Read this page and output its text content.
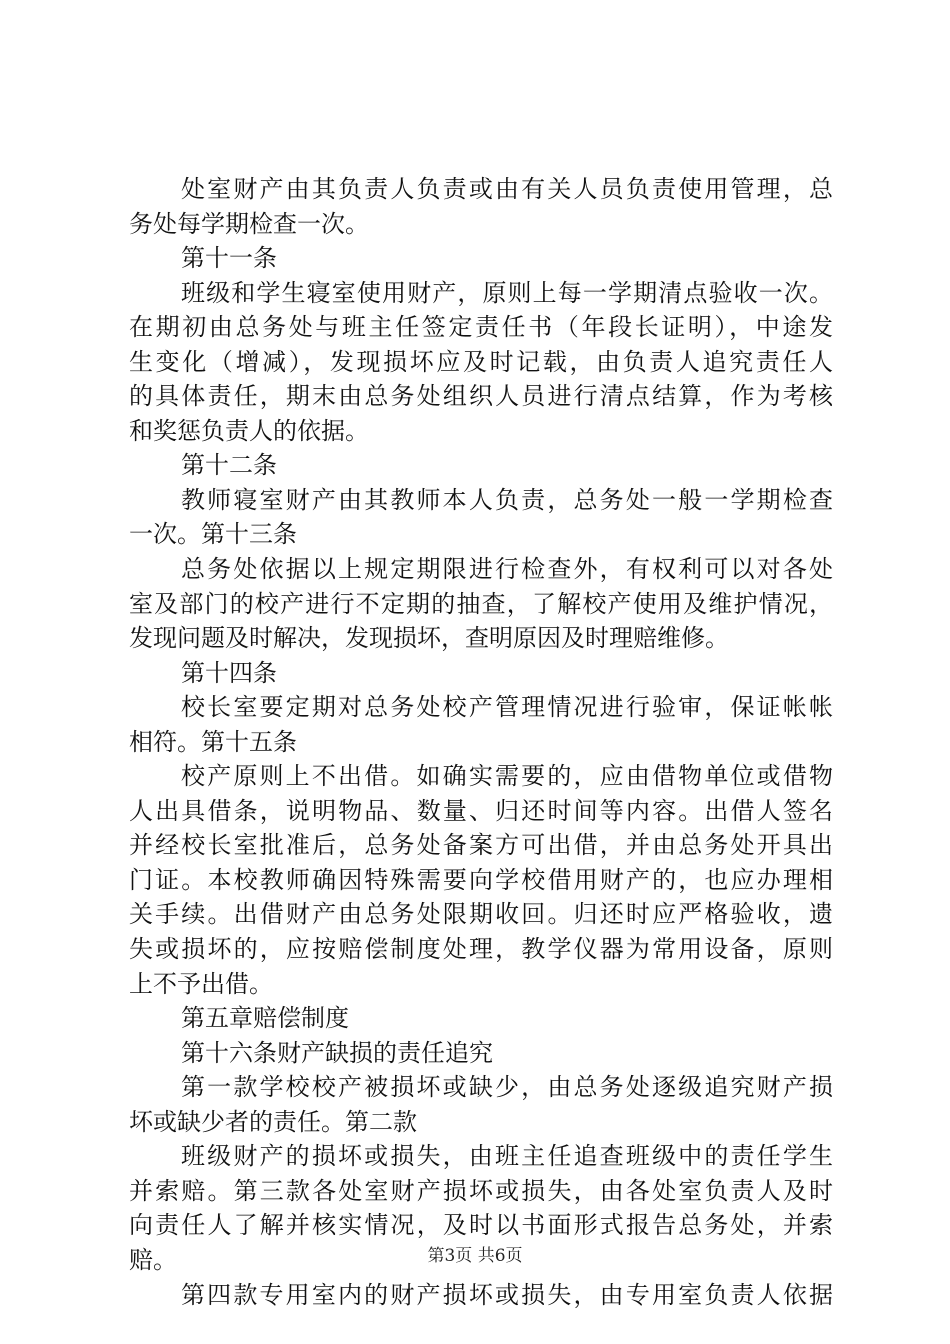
处室财产由其负责人负责或由有关人员负责使用管理，总
务处每学期检查一次。
第十一条
班级和学生寝室使用财产，原则上每一学期清点验收一次。
在期初由总务处与班主任签定责任书（年段长证明），中途发
生变化（增减），发现损坏应及时记载，由负责人追究责任人
的具体责任，期末由总务处组织人员进行清点结算，作为考核
和奖惩负责人的依据。
第十二条
教师寝室财产由其教师本人负责，总务处一般一学期检查
一次。第十三条
总务处依据以上规定期限进行检查外，有权利可以对各处
室及部门的校产进行不定期的抽查，了解校产使用及维护情况，
发现问题及时解决，发现损坏，查明原因及时理赔维修。
第十四条
校长室要定期对总务处校产管理情况进行验审，保证帐帐
相符。第十五条
校产原则上不出借。如确实需要的，应由借物单位或借物
人出具借条，说明物品、数量、归还时间等内容。出借人签名
并经校长室批准后，总务处备案方可出借，并由总务处开具出
门证。本校教师确因特殊需要向学校借用财产的，也应办理相
关手续。出借财产由总务处限期收回。归还时应严格验收，遗
失或损坏的，应按赔偿制度处理，教学仪器为常用设备，原则
上不予出借。
第五章赔偿制度
第十六条财产缺损的责任追究
第一款学校校产被损坏或缺少，由总务处逐级追究财产损
坏或缺少者的责任。第二款
班级财产的损坏或损失，由班主任追查班级中的责任学生
并索赔。第三款各处室财产损坏或损失，由各处室负责人及时
向责任人了解并核实情况，及时以书面形式报告总务处，并索
赔。
第四款专用室内的财产损坏或损失，由专用室负责人依据
第3页 共6页
